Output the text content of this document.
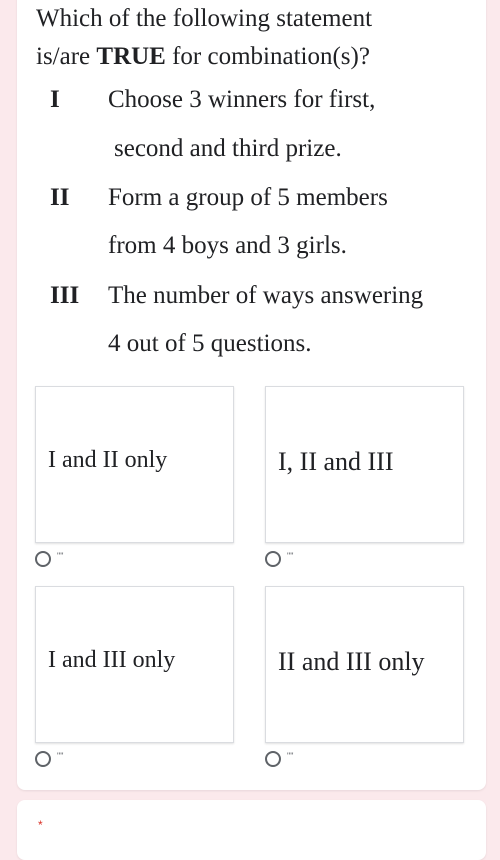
Which of the following statement
is/are TRUE for combination(s)?
I Choose 3 winners for first,
second and third prize.
II Form a group of 5 members
from 4 boys and 3 girls.
III The number of ways answering
4 out of 5 questions.
I and II only
""
I, II and III
""
I and III only
""
II and III only
""
*
